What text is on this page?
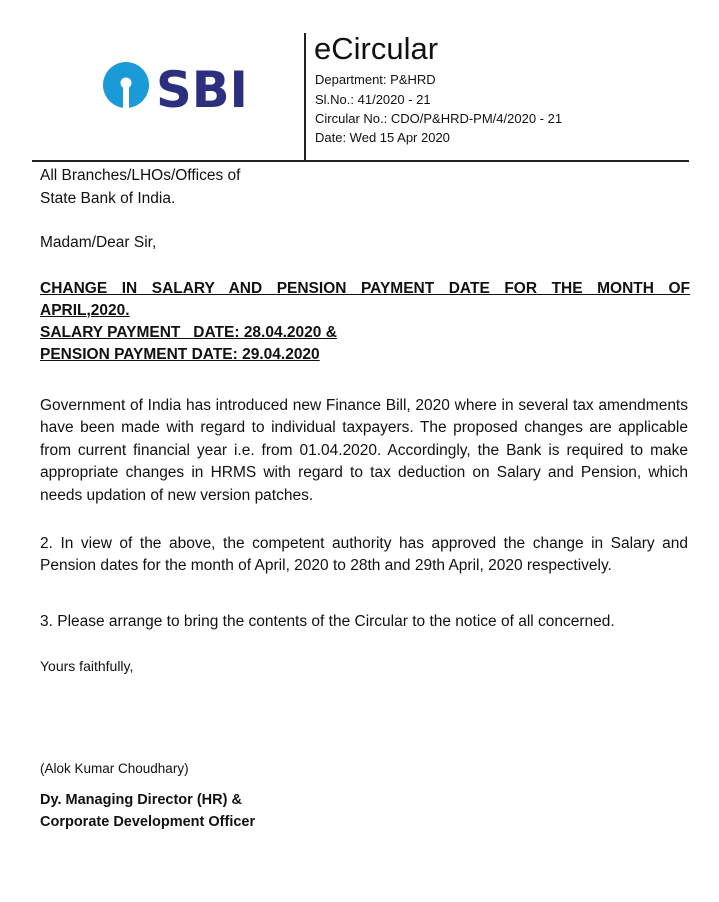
SBI
eCircular
Department: P&HRD
Sl.No.: 41/2020 - 21
Circular No.: CDO/P&HRD-PM/4/2020 - 21
Date: Wed 15 Apr 2020

All Branches/LHOs/Offices of

State Bank of India.

Madam/Dear Sir,

CHANGE IN SALARY AND PENSION PAYMENT DATE FOR THE MONTH OF
APRIL,2020.
SALARY PAYMENT   DATE: 28.04.2020 &
PENSION PAYMENT DATE: 29.04.2020

Government of India has introduced new Finance Bill, 2020 where in several tax amendments have been made with regard to individual taxpayers. The proposed changes are applicable from current financial year i.e. from 01.04.2020. Accordingly, the Bank is required to make appropriate changes in HRMS with regard to tax deduction on Salary and Pension, which needs updation of new version patches.

2. In view of the above, the competent authority has approved the change in Salary and Pension dates for the month of April, 2020 to 28th and 29th April, 2020 respectively.

3. Please arrange to bring the contents of the Circular to the notice of all concerned.

Yours faithfully,

(Alok Kumar Choudhary)

Dy. Managing Director (HR) &
Corporate Development Officer
